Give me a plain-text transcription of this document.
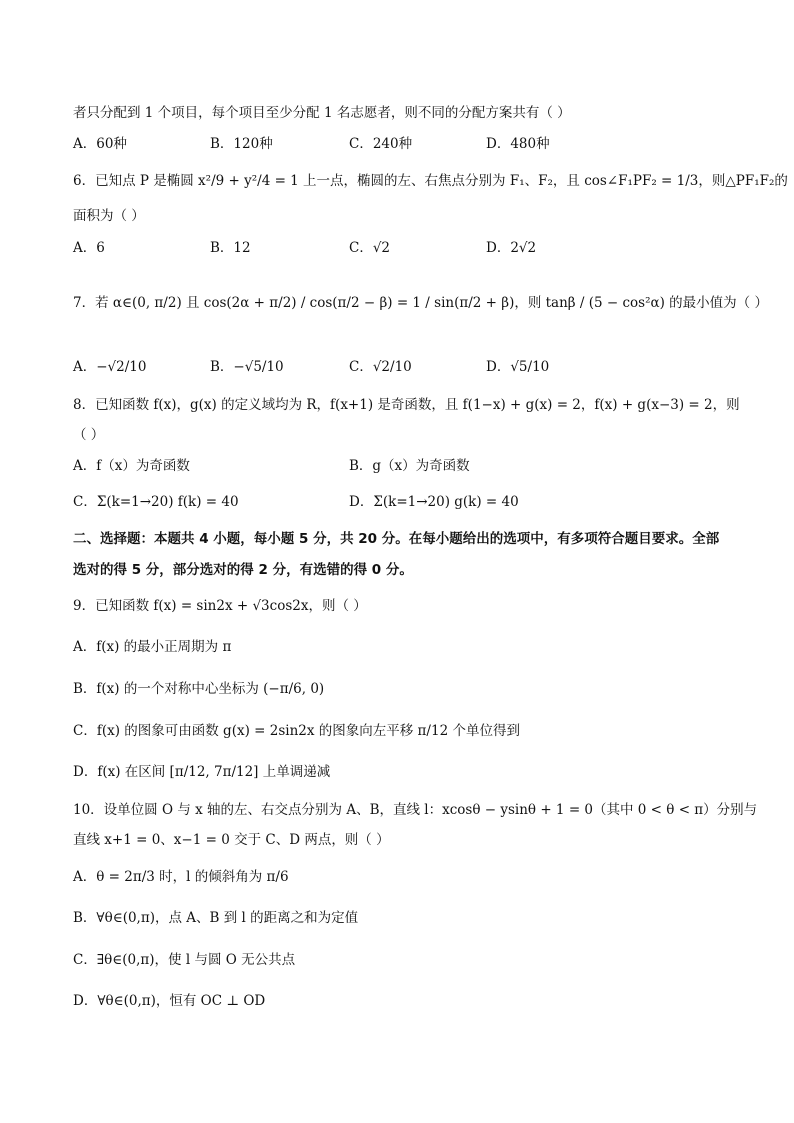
者只分配到 1 个项目，每个项目至少分配 1 名志愿者，则不同的分配方案共有（ ）
A．60种	B．120种	C．240种	D．480种
6．已知点 P 是椭圆 x²/9 + y²/4 = 1 上一点，椭圆的左、右焦点分别为 F₁、F₂，且 cos∠F₁PF₂ = 1/3，则△PF₁F₂的
面积为（ ）
A．6	B．12	C．√2	D．2√2
7．若 α∈(0, π/2) 且 cos(2α + π/2) / cos(π/2 − β) = 1 / sin(π/2 + β)，则 tanβ / (5 − cos²α) 的最小值为（ ）
A．−√2/10	B．−√5/10	C．√2/10	D．√5/10
8．已知函数 f(x)，g(x) 的定义域均为 R，f(x+1) 是奇函数，且 f(1−x) + g(x) = 2，f(x) + g(x−3) = 2，则
（ ）
A．f（x）为奇函数	B．g（x）为奇函数
C．Σ(k=1→20) f(k) = 40	D．Σ(k=1→20) g(k) = 40
二、选择题：本题共 4 小题，每小题 5 分，共 20 分。在每小题给出的选项中，有多项符合题目要求。全部
选对的得 5 分，部分选对的得 2 分，有选错的得 0 分。
9．已知函数 f(x) = sin2x + √3cos2x，则（ ）
A．f(x) 的最小正周期为 π
B．f(x) 的一个对称中心坐标为 (−π/6, 0)
C．f(x) 的图象可由函数 g(x) = 2sin2x 的图象向左平移 π/12 个单位得到
D．f(x) 在区间 [π/12, 7π/12] 上单调递减
10．设单位圆 O 与 x 轴的左、右交点分别为 A、B，直线 l：xcosθ − ysinθ + 1 = 0（其中 0 < θ < π）分别与
直线 x+1 = 0、x−1 = 0 交于 C、D 两点，则（ ）
A．θ = 2π/3 时，l 的倾斜角为 π/6
B．∀θ∈(0,π)，点 A、B 到 l 的距离之和为定值
C．∃θ∈(0,π)，使 l 与圆 O 无公共点
D．∀θ∈(0,π)，恒有 OC ⊥ OD
